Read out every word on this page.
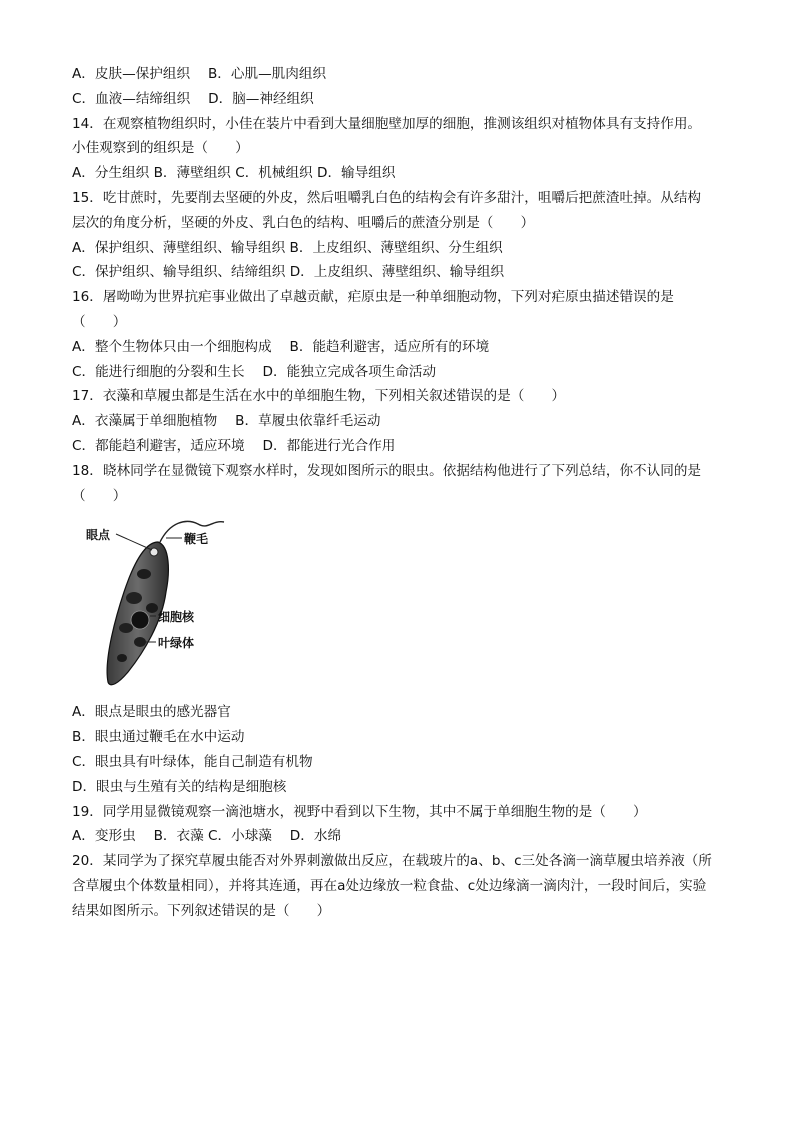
A．皮肤—保护组织　 B．心肌—肌肉组织
C．血液—结缔组织　 D．脑—神经组织
14．在观察植物组织时，小佳在装片中看到大量细胞壁加厚的细胞，推测该组织对植物体具有支持作用。
小佳观察到的组织是（　　）
A．分生组织 B．薄壁组织 C．机械组织 D．输导组织
15．吃甘蔗时，先要削去坚硬的外皮，然后咀嚼乳白色的结构会有许多甜汁，咀嚼后把蔗渣吐掉。从结构
层次的角度分析，坚硬的外皮、乳白色的结构、咀嚼后的蔗渣分别是（　　）
A．保护组织、薄壁组织、输导组织 B．上皮组织、薄壁组织、分生组织
C．保护组织、输导组织、结缔组织 D．上皮组织、薄壁组织、输导组织
16．屠呦呦为世界抗疟事业做出了卓越贡献，疟原虫是一种单细胞动物，下列对疟原虫描述错误的是
（　　）
A．整个生物体只由一个细胞构成　 B．能趋利避害，适应所有的环境
C．能进行细胞的分裂和生长　 D．能独立完成各项生命活动
17．衣藻和草履虫都是生活在水中的单细胞生物，下列相关叙述错误的是（　　）
A．衣藻属于单细胞植物　 B．草履虫依靠纤毛运动
C．都能趋利避害，适应环境　 D．都能进行光合作用
18．晓林同学在显微镜下观察水样时，发现如图所示的眼虫。依据结构他进行了下列总结，你不认同的是
（　　）
眼点	鞭毛
细胞核
叶绿体
A．眼点是眼虫的感光器官
B．眼虫通过鞭毛在水中运动
C．眼虫具有叶绿体，能自己制造有机物
D．眼虫与生殖有关的结构是细胞核
19．同学用显微镜观察一滴池塘水，视野中看到以下生物，其中不属于单细胞生物的是（　　）
A．变形虫　 B．衣藻 C．小球藻　 D．水绵
20．某同学为了探究草履虫能否对外界刺激做出反应，在载玻片的a、b、c三处各滴一滴草履虫培养液（所
含草履虫个体数量相同），并将其连通，再在a处边缘放一粒食盐、c处边缘滴一滴肉汁，一段时间后，实验
结果如图所示。下列叙述错误的是（　　）
